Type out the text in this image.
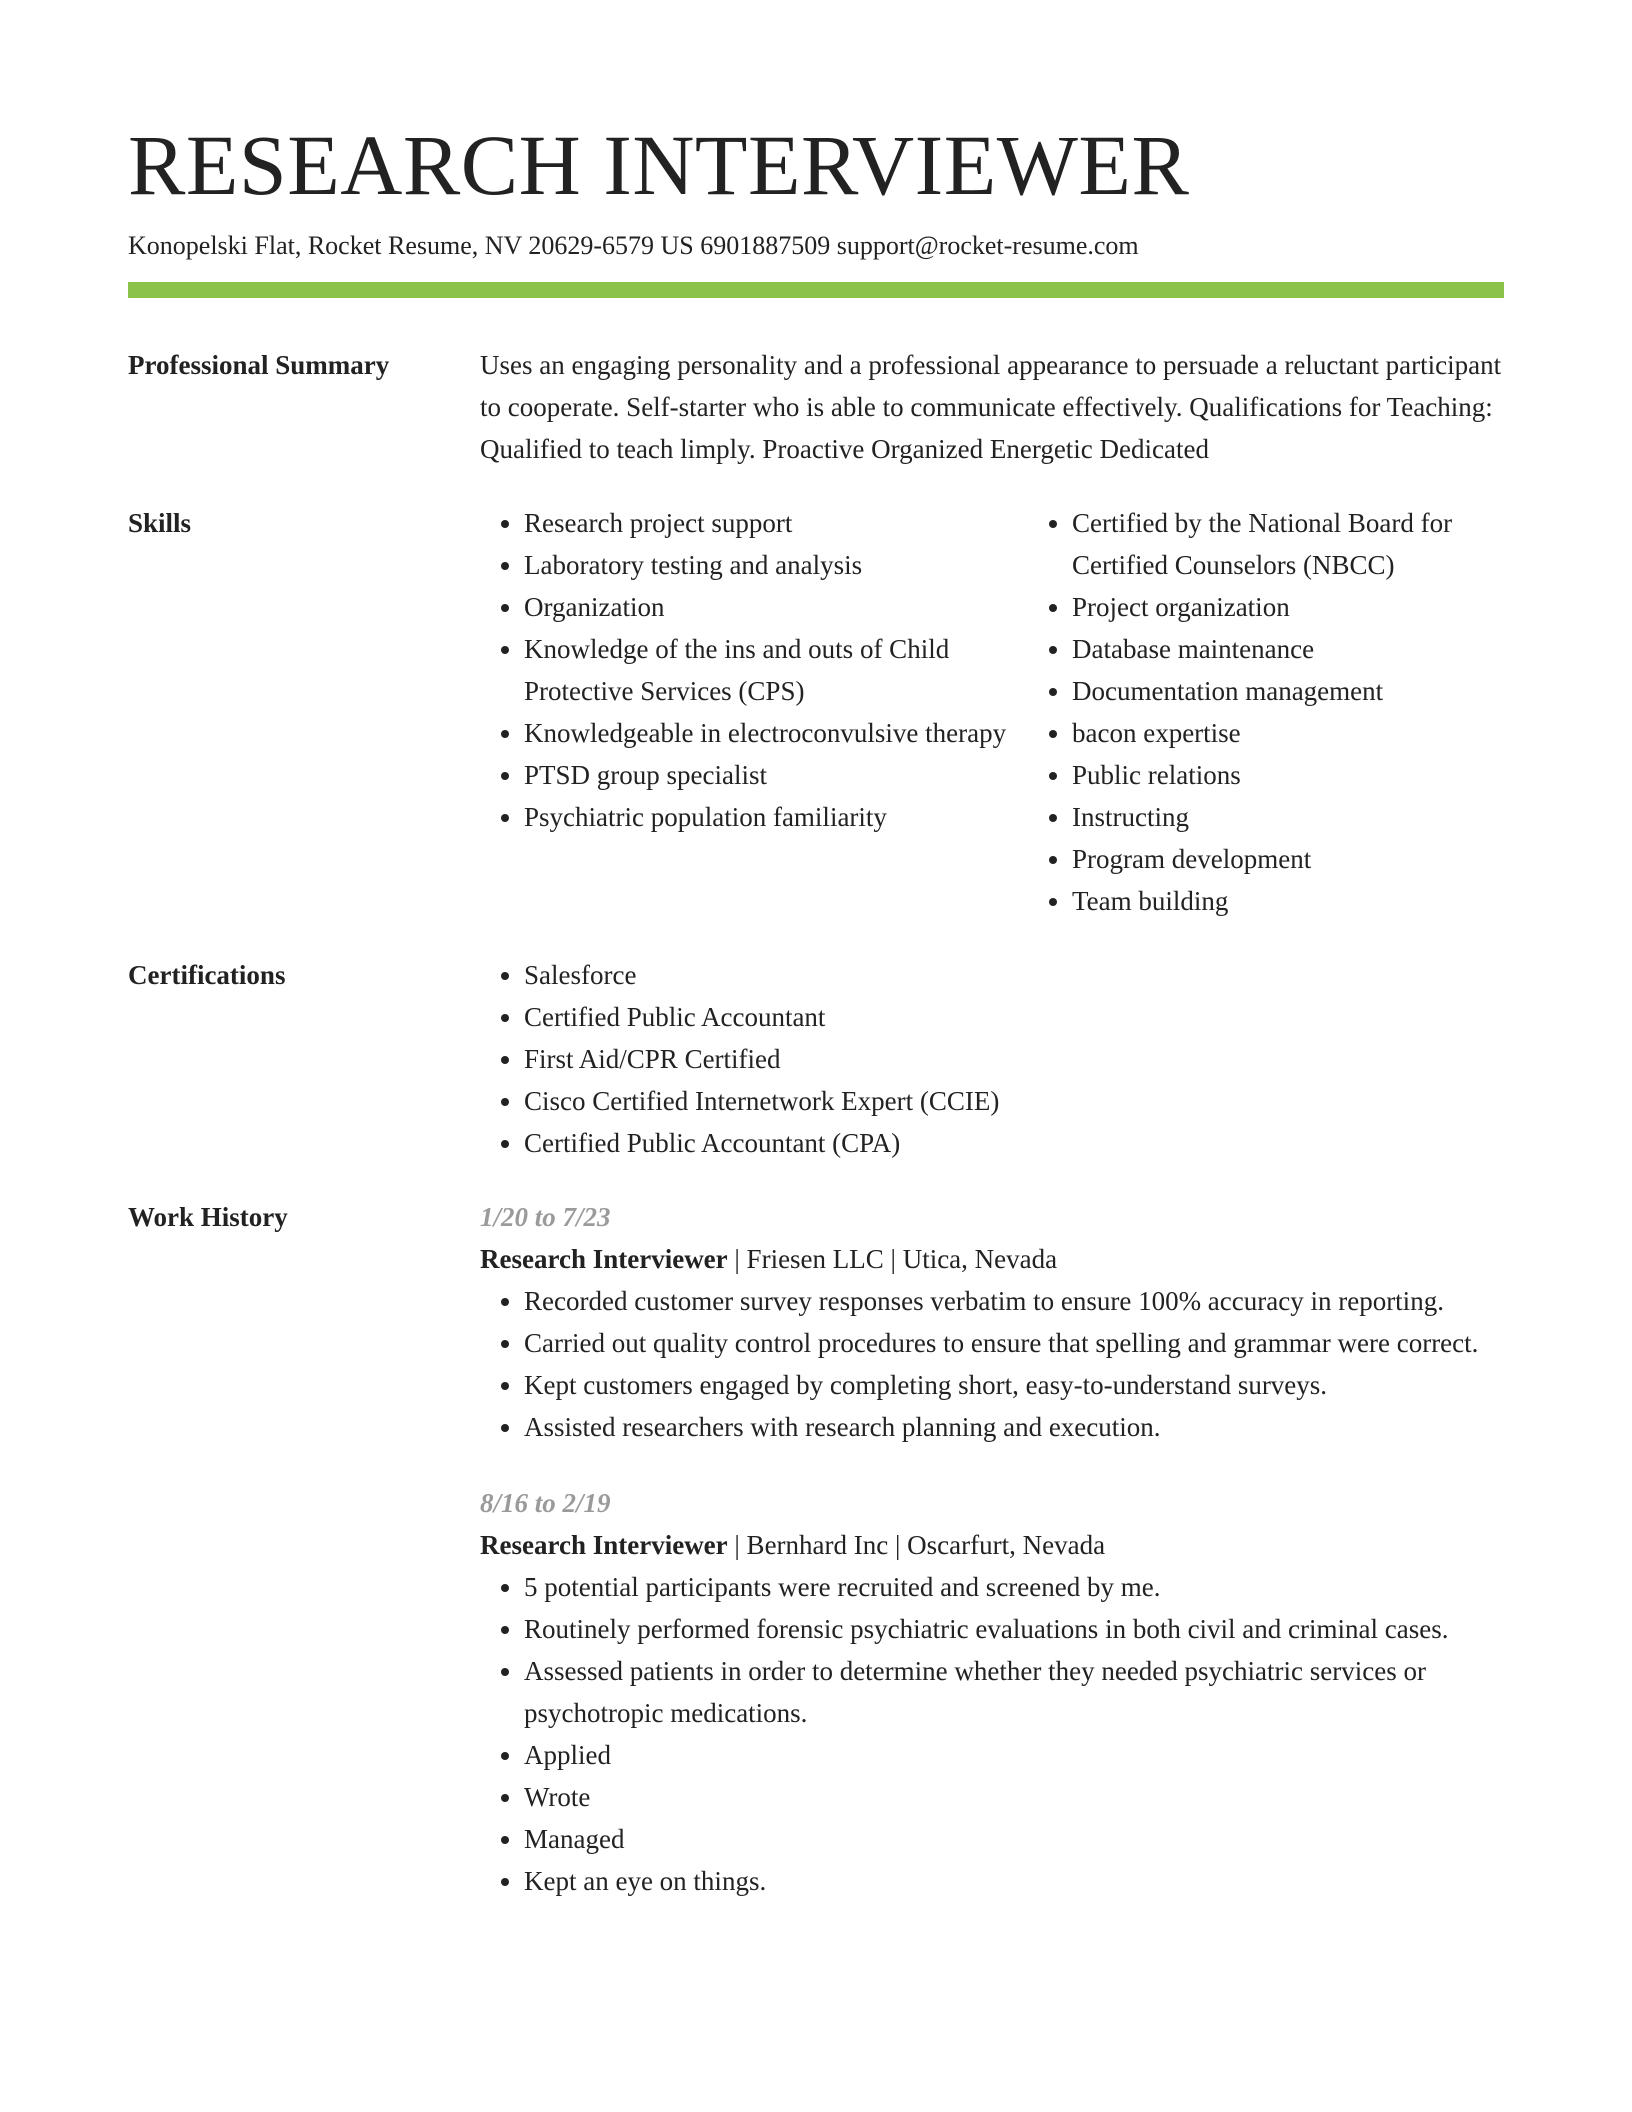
RESEARCH INTERVIEWER
Konopelski Flat, Rocket Resume, NV 20629-6579 US 6901887509 support@rocket-resume.com
Professional Summary	Uses an engaging personality and a professional appearance to persuade a reluctant participant to cooperate. Self-starter who is able to communicate effectively. Qualifications for Teaching: Qualified to teach limply. Proactive Organized Energetic Dedicated
Skills	• Research project support
• Laboratory testing and analysis
• Organization
• Knowledge of the ins and outs of Child Protective Services (CPS)
• Knowledgeable in electroconvulsive therapy
• PTSD group specialist
• Psychiatric population familiarity
• Certified by the National Board for Certified Counselors (NBCC)
• Project organization
• Database maintenance
• Documentation management
• bacon expertise
• Public relations
• Instructing
• Program development
• Team building
Certifications	• Salesforce
• Certified Public Accountant
• First Aid/CPR Certified
• Cisco Certified Internetwork Expert (CCIE)
• Certified Public Accountant (CPA)
Work History	1/20 to 7/23
Research Interviewer | Friesen LLC | Utica, Nevada
• Recorded customer survey responses verbatim to ensure 100% accuracy in reporting.
• Carried out quality control procedures to ensure that spelling and grammar were correct.
• Kept customers engaged by completing short, easy-to-understand surveys.
• Assisted researchers with research planning and execution.
8/16 to 2/19
Research Interviewer | Bernhard Inc | Oscarfurt, Nevada
• 5 potential participants were recruited and screened by me.
• Routinely performed forensic psychiatric evaluations in both civil and criminal cases.
• Assessed patients in order to determine whether they needed psychiatric services or psychotropic medications.
• Applied
• Wrote
• Managed
• Kept an eye on things.
